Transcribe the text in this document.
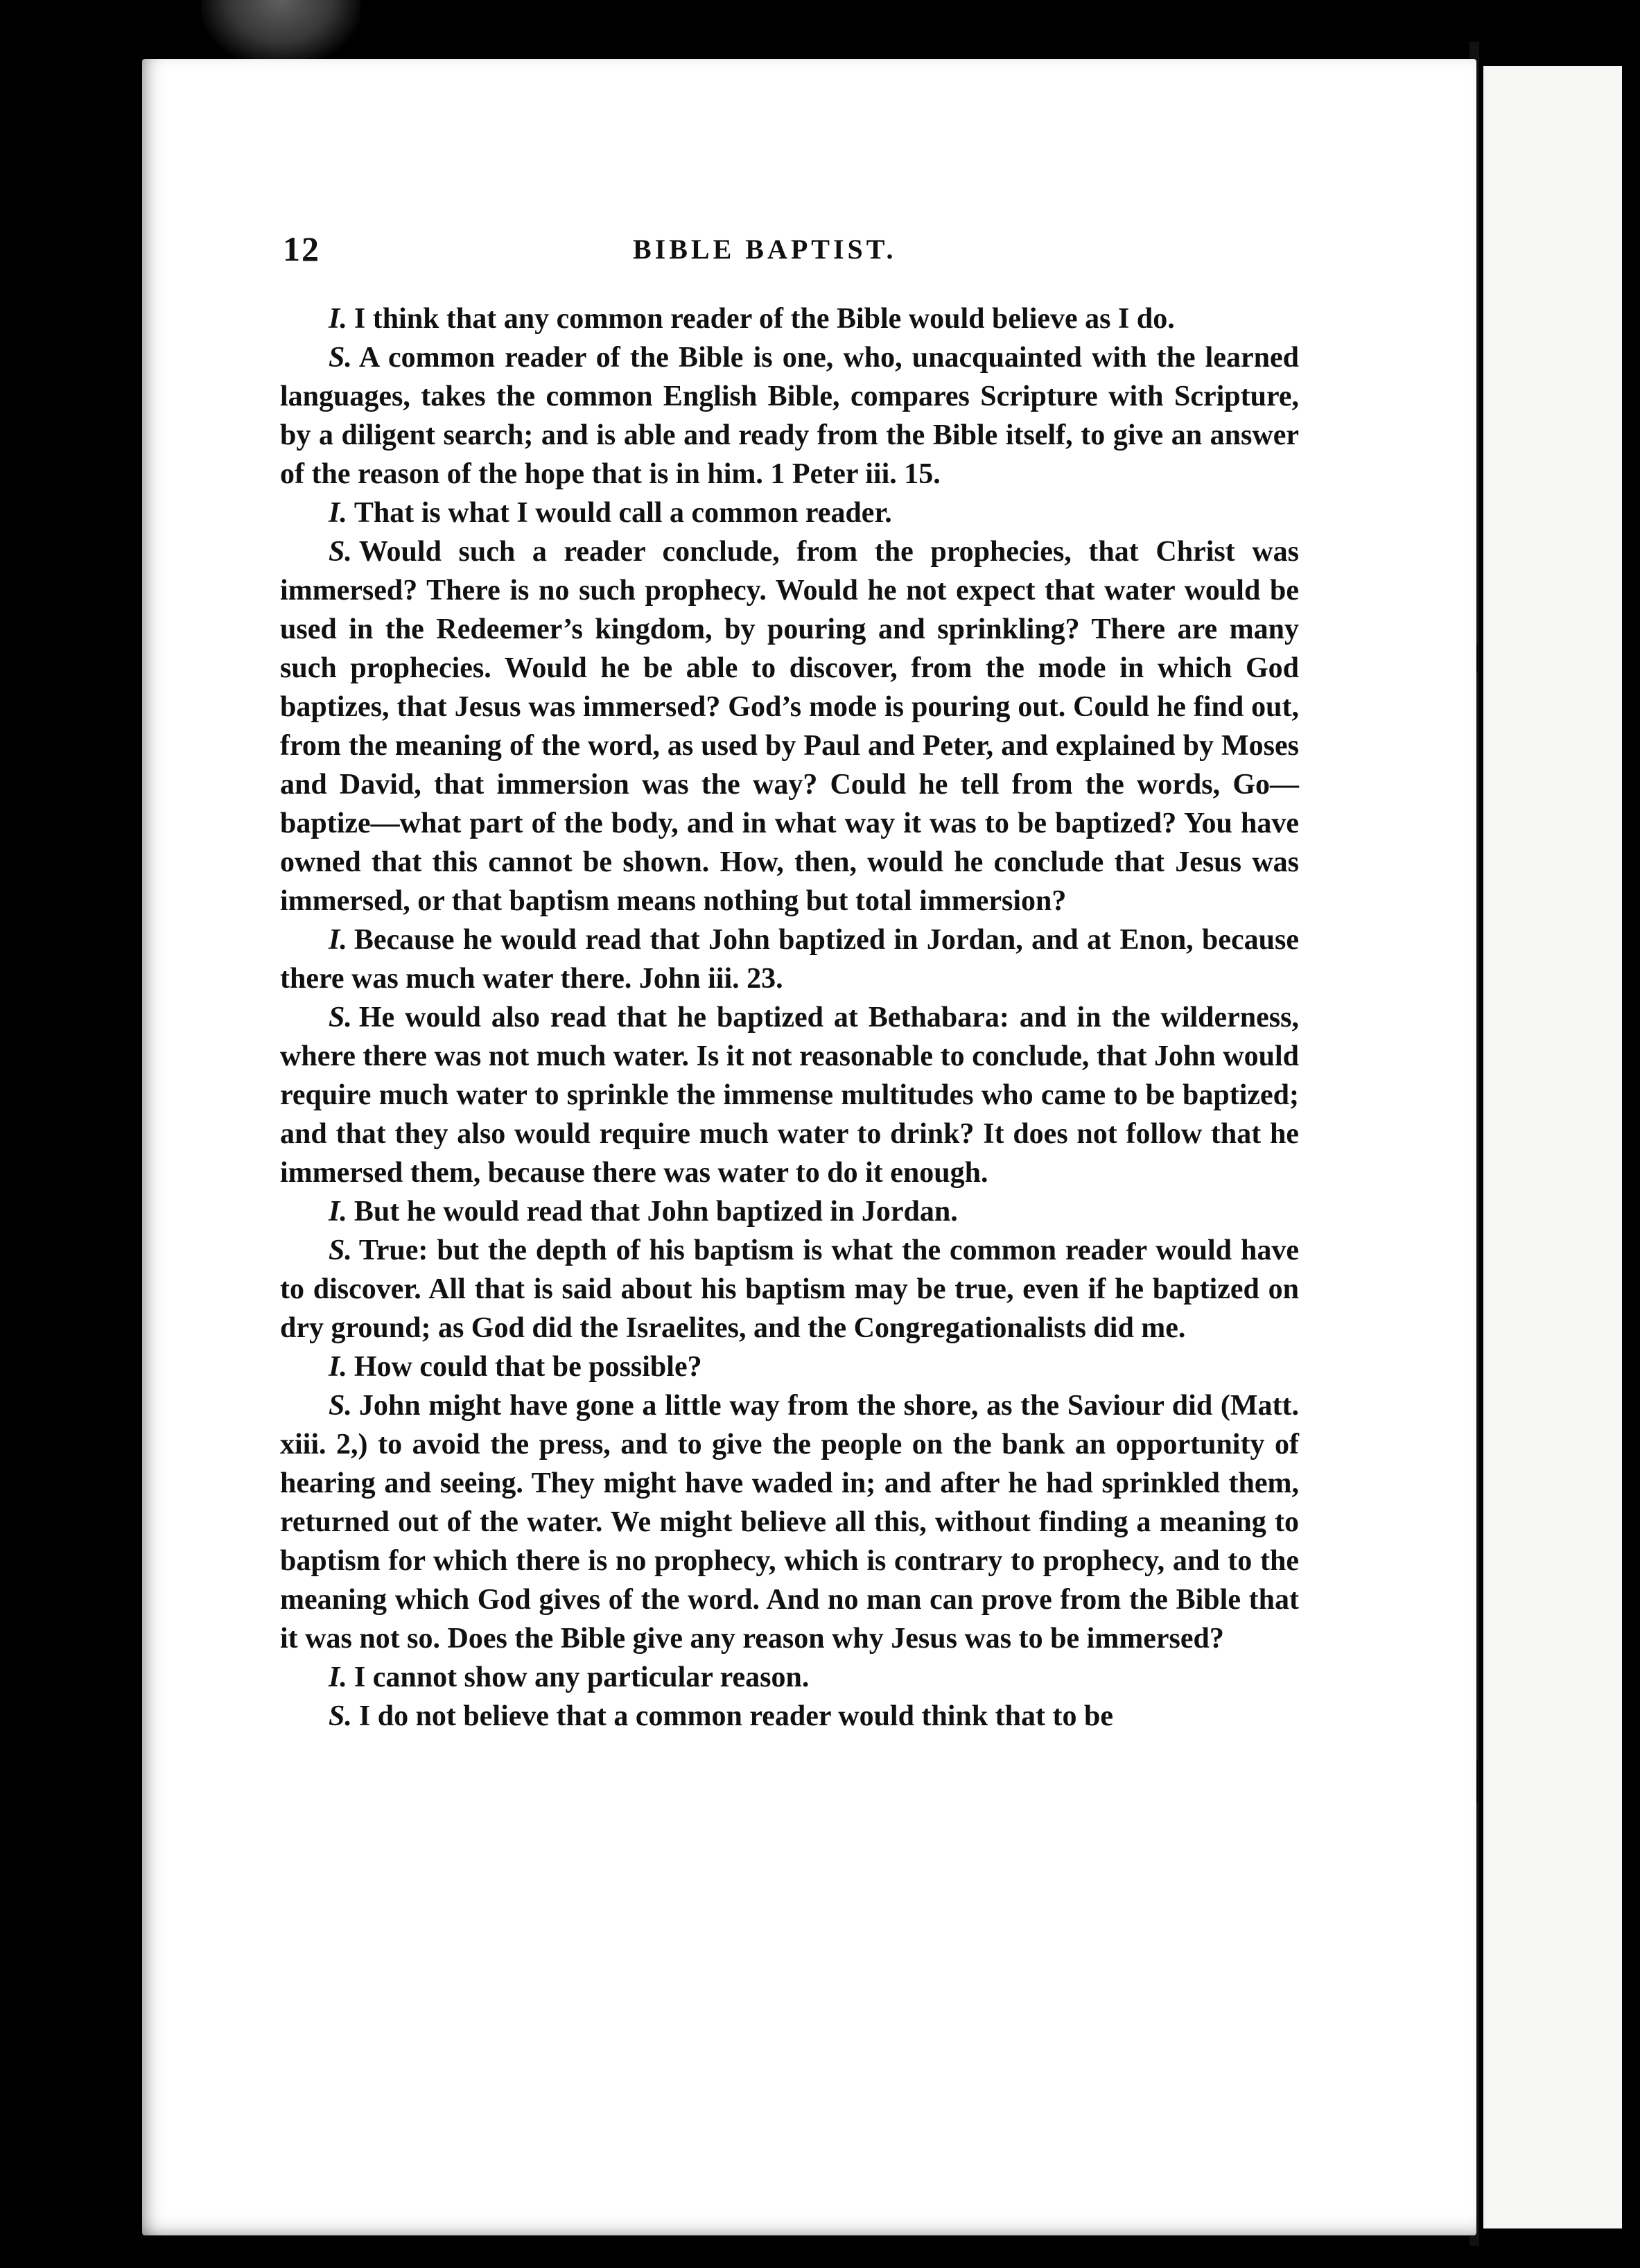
12	BIBLE BAPTIST.

I. I think that any common reader of the Bible would believe as I do.

S. A common reader of the Bible is one, who, unacquainted with the learned languages, takes the common English Bible, compares Scripture with Scripture, by a diligent search; and is able and ready from the Bible itself, to give an answer of the reason of the hope that is in him. 1 Peter iii. 15.

I. That is what I would call a common reader.

S. Would such a reader conclude, from the prophecies, that Christ was immersed? There is no such prophecy. Would he not expect that water would be used in the Redeemer’s kingdom, by pouring and sprinkling? There are many such prophecies. Would he be able to discover, from the mode in which God baptizes, that Jesus was immersed? God’s mode is pouring out. Could he find out, from the meaning of the word, as used by Paul and Peter, and explained by Moses and David, that immersion was the way? Could he tell from the words, Go—baptize—what part of the body, and in what way it was to be baptized? You have owned that this cannot be shown. How, then, would he conclude that Jesus was immersed, or that baptism means nothing but total immersion?

I. Because he would read that John baptized in Jordan, and at Enon, because there was much water there. John iii. 23.

S. He would also read that he baptized at Bethabara: and in the wilderness, where there was not much water. Is it not reasonable to conclude, that John would require much water to sprinkle the immense multitudes who came to be baptized; and that they also would require much water to drink? It does not follow that he immersed them, because there was water to do it enough.

I. But he would read that John baptized in Jordan.

S. True: but the depth of his baptism is what the common reader would have to discover. All that is said about his baptism may be true, even if he baptized on dry ground; as God did the Israelites, and the Congregationalists did me.

I. How could that be possible?

S. John might have gone a little way from the shore, as the Saviour did (Matt. xiii. 2,) to avoid the press, and to give the people on the bank an opportunity of hearing and seeing. They might have waded in; and after he had sprinkled them, returned out of the water. We might believe all this, without finding a meaning to baptism for which there is no prophecy, which is contrary to prophecy, and to the meaning which God gives of the word. And no man can prove from the Bible that it was not so. Does the Bible give any reason why Jesus was to be immersed?

I. I cannot show any particular reason.

S. I do not believe that a common reader would think that to be
